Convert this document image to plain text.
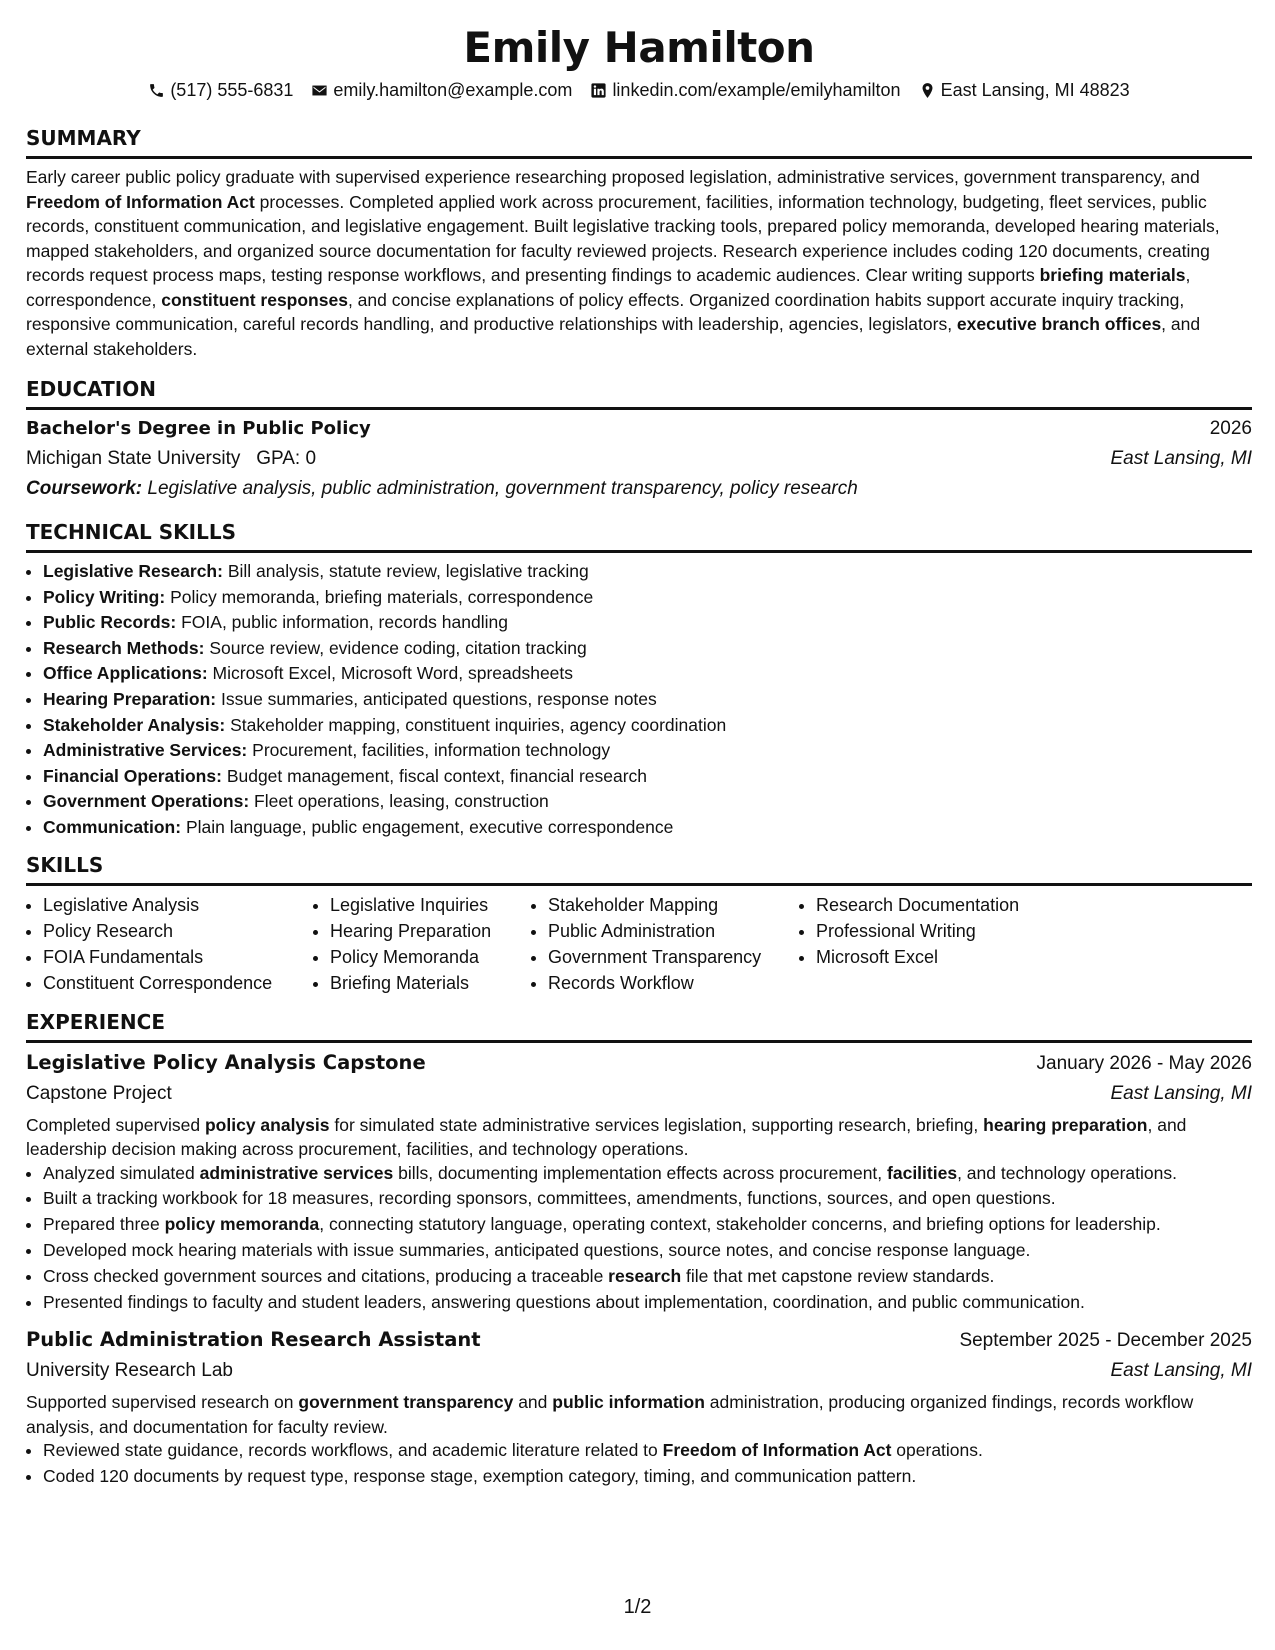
Emily Hamilton
(517) 555-6831 emily.hamilton@example.com linkedin.com/example/emilyhamilton East Lansing, MI 48823
SUMMARY

Early career public policy graduate with supervised experience researching proposed legislation, administrative services, government transparency, and Freedom of Information Act processes. Completed applied work across procurement, facilities, information technology, budgeting, fleet services, public records, constituent communication, and legislative engagement. Built legislative tracking tools, prepared policy memoranda, developed hearing materials, mapped stakeholders, and organized source documentation for faculty reviewed projects. Research experience includes coding 120 documents, creating records request process maps, testing response workflows, and presenting findings to academic audiences. Clear writing supports briefing materials, correspondence, constituent responses, and concise explanations of policy effects. Organized coordination habits support accurate inquiry tracking, responsive communication, careful records handling, and productive relationships with leadership, agencies, legislators, executive branch offices, and external stakeholders.

EDUCATION
Bachelor's Degree in Public Policy	2026
Michigan State University GPA: 0	East Lansing, MI
Coursework: Legislative analysis, public administration, government transparency, policy research
TECHNICAL SKILLS
• Legislative Research: Bill analysis, statute review, legislative tracking
• Policy Writing: Policy memoranda, briefing materials, correspondence
• Public Records: FOIA, public information, records handling
• Research Methods: Source review, evidence coding, citation tracking
• Office Applications: Microsoft Excel, Microsoft Word, spreadsheets
• Hearing Preparation: Issue summaries, anticipated questions, response notes
• Stakeholder Analysis: Stakeholder mapping, constituent inquiries, agency coordination
• Administrative Services: Procurement, facilities, information technology
• Financial Operations: Budget management, fiscal context, financial research
• Government Operations: Fleet operations, leasing, construction
• Communication: Plain language, public engagement, executive correspondence
SKILLS
• Legislative Analysis
• Policy Research
• FOIA Fundamentals
• Constituent Correspondence
• Legislative Inquiries
• Hearing Preparation
• Policy Memoranda
• Briefing Materials
• Stakeholder Mapping
• Public Administration
• Government Transparency
• Records Workflow
• Research Documentation
• Professional Writing
• Microsoft Excel
EXPERIENCE
Legislative Policy Analysis Capstone	January 2026 - May 2026
Capstone Project	East Lansing, MI

Completed supervised policy analysis for simulated state administrative services legislation, supporting research, briefing, hearing preparation, and leadership decision making across procurement, facilities, and technology operations.

• Analyzed simulated administrative services bills, documenting implementation effects across procurement, facilities, and technology operations.
• Built a tracking workbook for 18 measures, recording sponsors, committees, amendments, functions, sources, and open questions.
• Prepared three policy memoranda, connecting statutory language, operating context, stakeholder concerns, and briefing options for leadership.
• Developed mock hearing materials with issue summaries, anticipated questions, source notes, and concise response language.
• Cross checked government sources and citations, producing a traceable research file that met capstone review standards.
• Presented findings to faculty and student leaders, answering questions about implementation, coordination, and public communication.
Public Administration Research Assistant	September 2025 - December 2025
University Research Lab	East Lansing, MI

Supported supervised research on government transparency and public information administration, producing organized findings, records workflow analysis, and documentation for faculty review.

• Reviewed state guidance, records workflows, and academic literature related to Freedom of Information Act operations.
• Coded 120 documents by request type, response stage, exemption category, timing, and communication pattern.
1/2
